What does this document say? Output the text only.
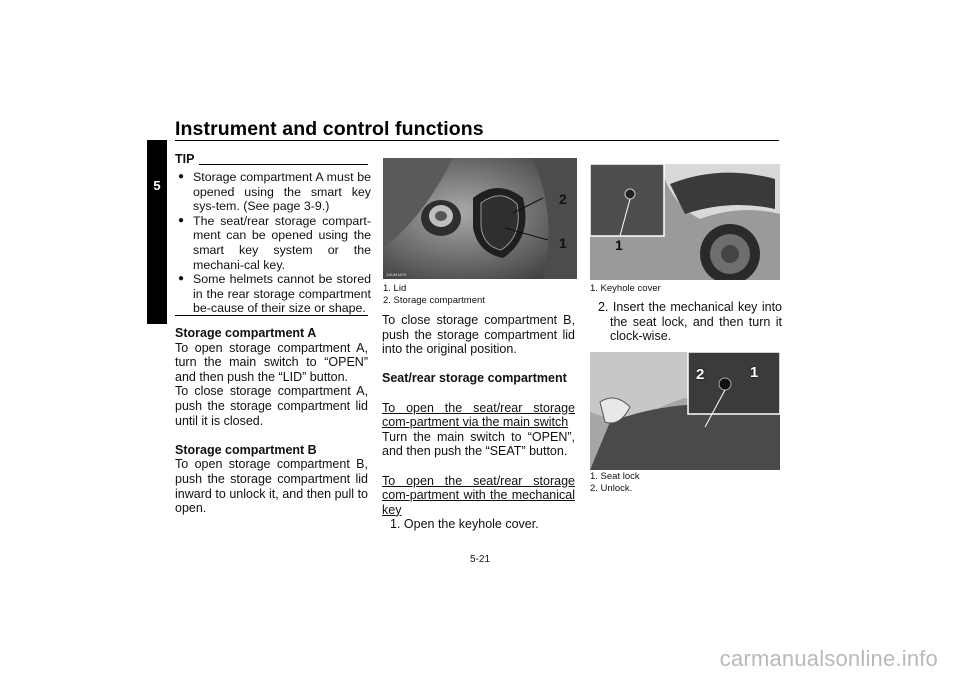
Instrument and control functions
5
TIP
● Storage compartment A must be opened using the smart key sys-tem. (See page 3-9.)
● The seat/rear storage compart-ment can be opened using the smart key system or the mechani-cal key.
● Some helmets cannot be stored in the rear storage compartment be-cause of their size or shape.
Storage compartment A
To open storage compartment A, turn the main switch to “OPEN” and then push the “LID” button.
To close storage compartment A, push the storage compartment lid until it is closed.
Storage compartment B
To open storage compartment B, push the storage compartment lid inward to unlock it, and then pull to open.
ZAUM1876
2
1
1. Lid
2. Storage compartment
To close storage compartment B, push the storage compartment lid into the original position.
Seat/rear storage compartment
To open the seat/rear storage com-partment via the main switch
Turn the main switch to “OPEN”, and then push the “SEAT” button.
To open the seat/rear storage com-partment with the mechanical key
1. Open the keyhole cover.
1
1. Keyhole cover
2. Insert the mechanical key into the seat lock, and then turn it clock-wise.
2	1
1. Seat lock
2. Unlock.
5-21
carmanualsonline.info
